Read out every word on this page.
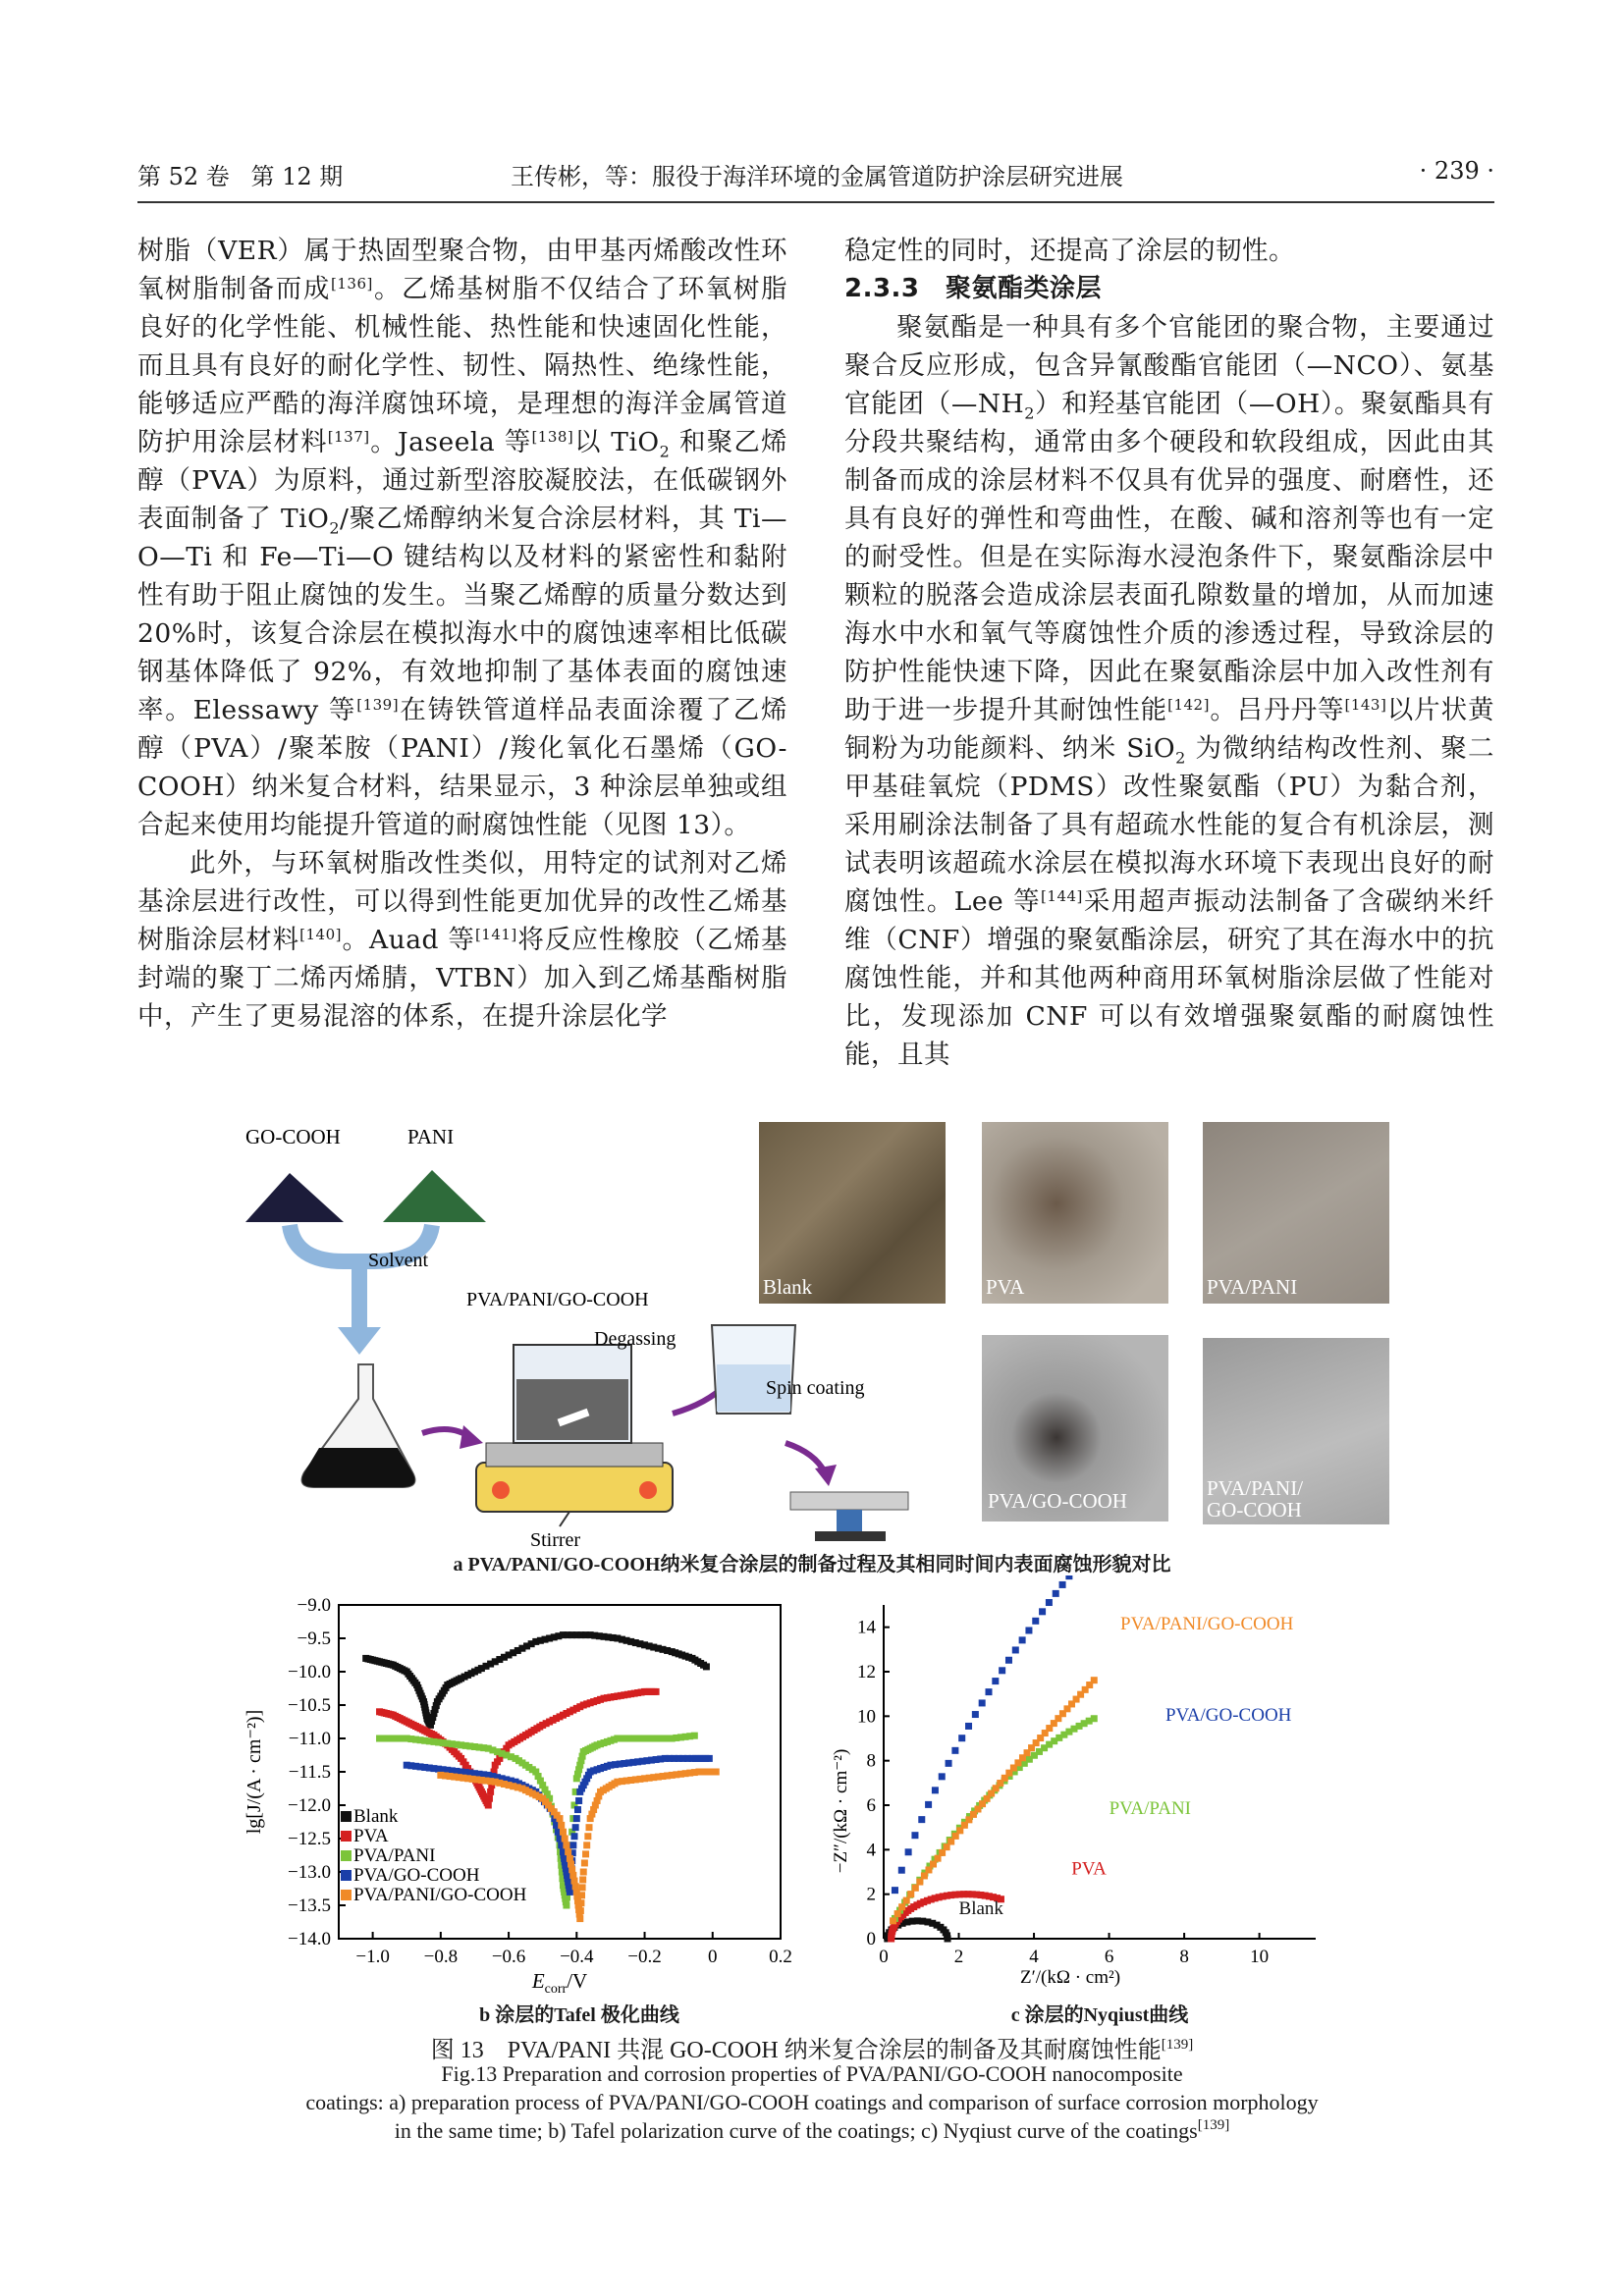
第 52 卷 第 12 期	王传彬，等：服役于海洋环境的金属管道防护涂层研究进展	· 239 ·

树脂（VER）属于热固型聚合物，由甲基丙烯酸改性环氧树脂制备而成[136]。乙烯基树脂不仅结合了环氧树脂良好的化学性能、机械性能、热性能和快速固化性能，而且具有良好的耐化学性、韧性、隔热性、绝缘性能，能够适应严酷的海洋腐蚀环境，是理想的海洋金属管道防护用涂层材料[137]。Jaseela 等[138]以 TiO$_2$ 和聚乙烯醇（PVA）为原料，通过新型溶胶凝胶法，在低碳钢外表面制备了 TiO$_2$/聚乙烯醇纳米复合涂层材料，其 Ti—O—Ti 和 Fe—Ti—O 键结构以及材料的紧密性和黏附性有助于阻止腐蚀的发生。当聚乙烯醇的质量分数达到 20%时，该复合涂层在模拟海水中的腐蚀速率相比低碳钢基体降低了 92%，有效地抑制了基体表面的腐蚀速率。Elessawy 等[139]在铸铁管道样品表面涂覆了乙烯醇（PVA）/聚苯胺（PANI）/羧化氧化石墨烯（GO-COOH）纳米复合材料，结果显示，3 种涂层单独或组合起来使用均能提升管道的耐腐蚀性能（见图 13）。

此外，与环氧树脂改性类似，用特定的试剂对乙烯基涂层进行改性，可以得到性能更加优异的改性乙烯基树脂涂层材料[140]。Auad 等[141]将反应性橡胶（乙烯基封端的聚丁二烯丙烯腈，VTBN）加入到乙烯基酯树脂中，产生了更易混溶的体系，在提升涂层化学

稳定性的同时，还提高了涂层的韧性。

2.3.3　聚氨酯类涂层

聚氨酯是一种具有多个官能团的聚合物，主要通过聚合反应形成，包含异氰酸酯官能团（—NCO）、氨基官能团$(—NH_2)$和羟基官能团（—OH）。聚氨酯具有分段共聚结构，通常由多个硬段和软段组成，因此由其制备而成的涂层材料不仅具有优异的强度、耐磨性，还具有良好的弹性和弯曲性，在酸、碱和溶剂等也有一定的耐受性。但是在实际海水浸泡条件下，聚氨酯涂层中颗粒的脱落会造成涂层表面孔隙数量的增加，从而加速海水中水和氧气等腐蚀性介质的渗透过程，导致涂层的防护性能快速下降，因此在聚氨酯涂层中加入改性剂有助于进一步提升其耐蚀性能[142]。吕丹丹等[143]以片状黄铜粉为功能颜料、纳米 SiO$_2$ 为微纳结构改性剂、聚二甲基硅氧烷（PDMS）改性聚氨酯（PU）为黏合剂，采用刷涂法制备了具有超疏水性能的复合有机涂层，测试表明该超疏水涂层在模拟海水环境下表现出良好的耐腐蚀性。Lee 等[144]采用超声振动法制备了含碳纳米纤维（CNF）增强的聚氨酯涂层，研究了其在海水中的抗腐蚀性能，并和其他两种商用环氧树脂涂层做了性能对比，发现添加 CNF 可以有效增强聚氨酯的耐腐蚀性能，且其

GO-COOH	PANI
Solvent
PVA/PANI/GO-COOH
Stirrer
Degassing
Spin coating
Blank	PVA	PVA/PANI
PVA/GO-COOH
PVA/PANI/
GO-COOH
a PVA/PANI/GO-COOH纳米复合涂层的制备过程及其相同时间内表面腐蚀形貌对比
−1.0 −0.8 −0.6 −0.4 −0.2 0	0.2
−9.0
−9.5
−10.0
−10.5
−11.0
−11.5
−12.0
−12.5
−13.0
−13.5
−14.0
Blank
PVA
PVA/PANI
PVA/GO-COOH
PVA/PANI/GO-COOH
$E_{corr}/V$
lg[J/(A · cm⁻²)]
b 涂层的Tafel 极化曲线
0	2	4	6	8	10
0
2
4
6
8
10
12
14	PVA/PANI/GO-COOH
PVA/GO-COOH
PVA/PANI
PVA
Blank
Z′/(kΩ · cm²)
−Z″/(kΩ · cm⁻²)
c 涂层的Nyqiust曲线
图 13　PVA/PANI 共混 GO-COOH 纳米复合涂层的制备及其耐腐蚀性能[139]
Fig.13 Preparation and corrosion properties of PVA/PANI/GO-COOH nanocomposite
coatings: a) preparation process of PVA/PANI/GO-COOH coatings and comparison of surface corrosion morphology
in the same time; b) Tafel polarization curve of the coatings; c) Nyqiust curve of the coatings[139]
